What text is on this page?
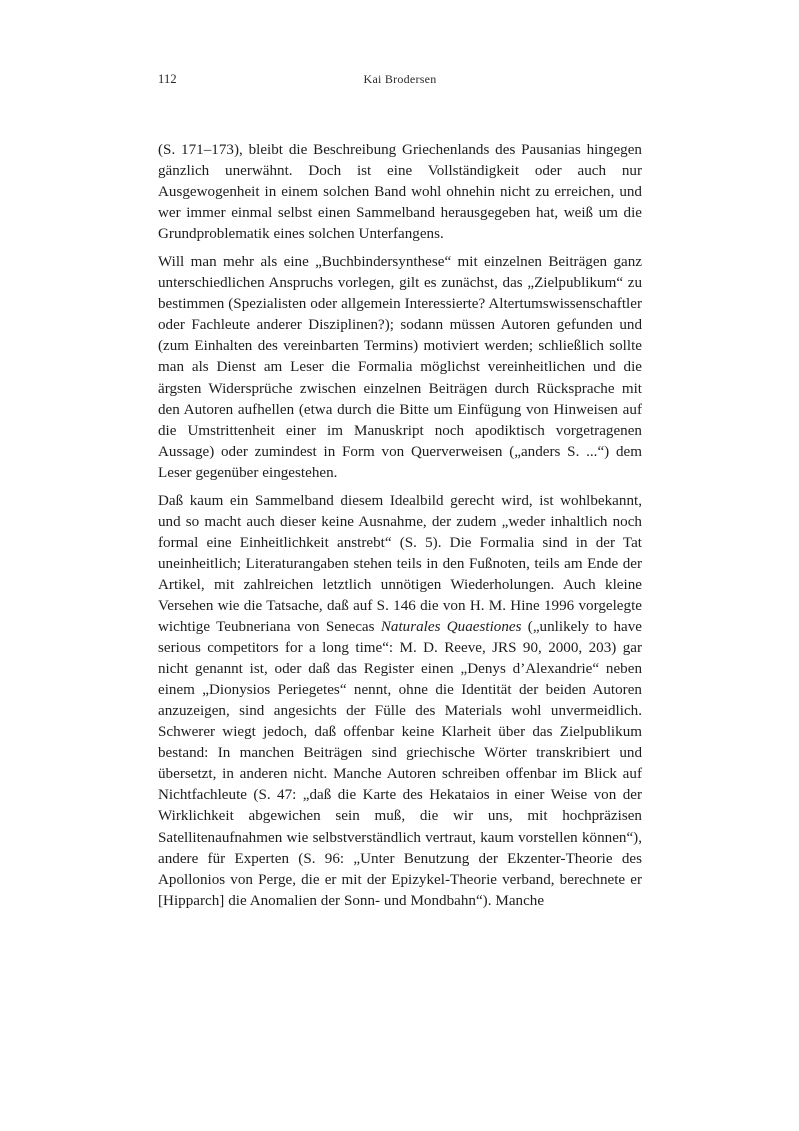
112	Kai Brodersen

(S. 171–173), bleibt die Beschreibung Griechenlands des Pausanias hingegen gänzlich unerwähnt. Doch ist eine Vollständigkeit oder auch nur Ausgewogenheit in einem solchen Band wohl ohnehin nicht zu erreichen, und wer immer einmal selbst einen Sammelband herausgegeben hat, weiß um die Grundproblematik eines solchen Unterfangens.

Will man mehr als eine „Buchbindersynthese“ mit einzelnen Beiträgen ganz unterschiedlichen Anspruchs vorlegen, gilt es zunächst, das „Zielpublikum“ zu bestimmen (Spezialisten oder allgemein Interessierte? Altertumswissenschaftler oder Fachleute anderer Disziplinen?); sodann müssen Autoren gefunden und (zum Einhalten des vereinbarten Termins) motiviert werden; schließlich sollte man als Dienst am Leser die Formalia möglichst vereinheitlichen und die ärgsten Widersprüche zwischen einzelnen Beiträgen durch Rücksprache mit den Autoren aufhellen (etwa durch die Bitte um Einfügung von Hinweisen auf die Umstrittenheit einer im Manuskript noch apodiktisch vorgetragenen Aussage) oder zumindest in Form von Querverweisen („anders S. ...“) dem Leser gegenüber eingestehen.

Daß kaum ein Sammelband diesem Idealbild gerecht wird, ist wohlbekannt, und so macht auch dieser keine Ausnahme, der zudem „weder inhaltlich noch formal eine Einheitlichkeit anstrebt“ (S. 5). Die Formalia sind in der Tat uneinheitlich; Literaturangaben stehen teils in den Fußnoten, teils am Ende der Artikel, mit zahlreichen letztlich unnötigen Wiederholungen. Auch kleine Versehen wie die Tatsache, daß auf S. 146 die von H. M. Hine 1996 vorgelegte wichtige Teubneriana von Senecas Naturales Quaestiones („unlikely to have serious competitors for a long time“: M. D. Reeve, JRS 90, 2000, 203) gar nicht genannt ist, oder daß das Register einen „Denys d’Alexandrie“ neben einem „Dionysios Periegetes“ nennt, ohne die Identität der beiden Autoren anzuzeigen, sind angesichts der Fülle des Materials wohl unvermeidlich. Schwerer wiegt jedoch, daß offenbar keine Klarheit über das Zielpublikum bestand: In manchen Beiträgen sind griechische Wörter transkribiert und übersetzt, in anderen nicht. Manche Autoren schreiben offenbar im Blick auf Nichtfachleute (S. 47: „daß die Karte des Hekataios in einer Weise von der Wirklichkeit abgewichen sein muß, die wir uns, mit hochpräzisen Satellitenaufnahmen wie selbstverständlich vertraut, kaum vorstellen können“), andere für Experten (S. 96: „Unter Benutzung der Ekzenter-Theorie des Apollonios von Perge, die er mit der Epizykel-Theorie verband, berechnete er [Hipparch] die Anomalien der Sonn- und Mondbahn“). Manche
